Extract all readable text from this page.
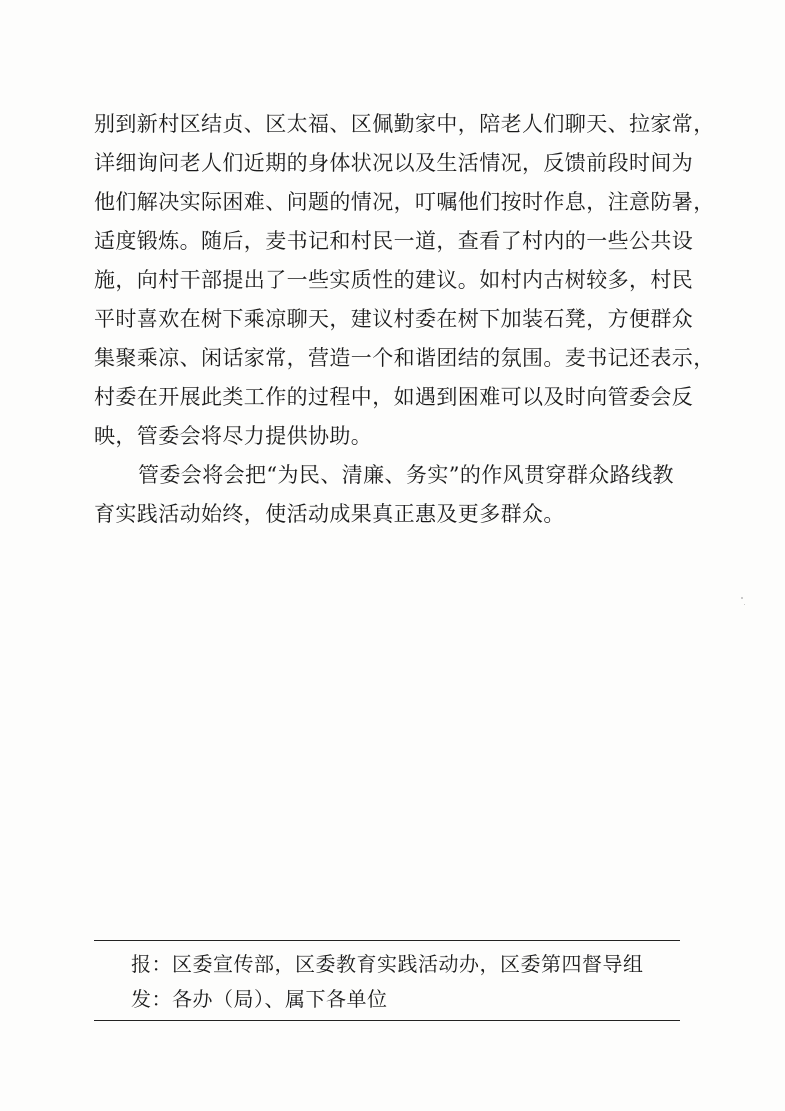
别到新村区结贞、区太福、区佩勤家中，陪老人们聊天、拉家常，
详细询问老人们近期的身体状况以及生活情况，反馈前段时间为
他们解决实际困难、问题的情况，叮嘱他们按时作息，注意防暑，
适度锻炼。随后，麦书记和村民一道，查看了村内的一些公共设
施，向村干部提出了一些实质性的建议。如村内古树较多，村民
平时喜欢在树下乘凉聊天，建议村委在树下加装石凳，方便群众
集聚乘凉、闲话家常，营造一个和谐团结的氛围。麦书记还表示，
村委在开展此类工作的过程中，如遇到困难可以及时向管委会反
映，管委会将尽力提供协助。
管委会将会把“为民、清廉、务实”的作风贯穿群众路线教
育实践活动始终，使活动成果真正惠及更多群众。
报：区委宣传部，区委教育实践活动办，区委第四督导组
发：各办（局）、属下各单位
